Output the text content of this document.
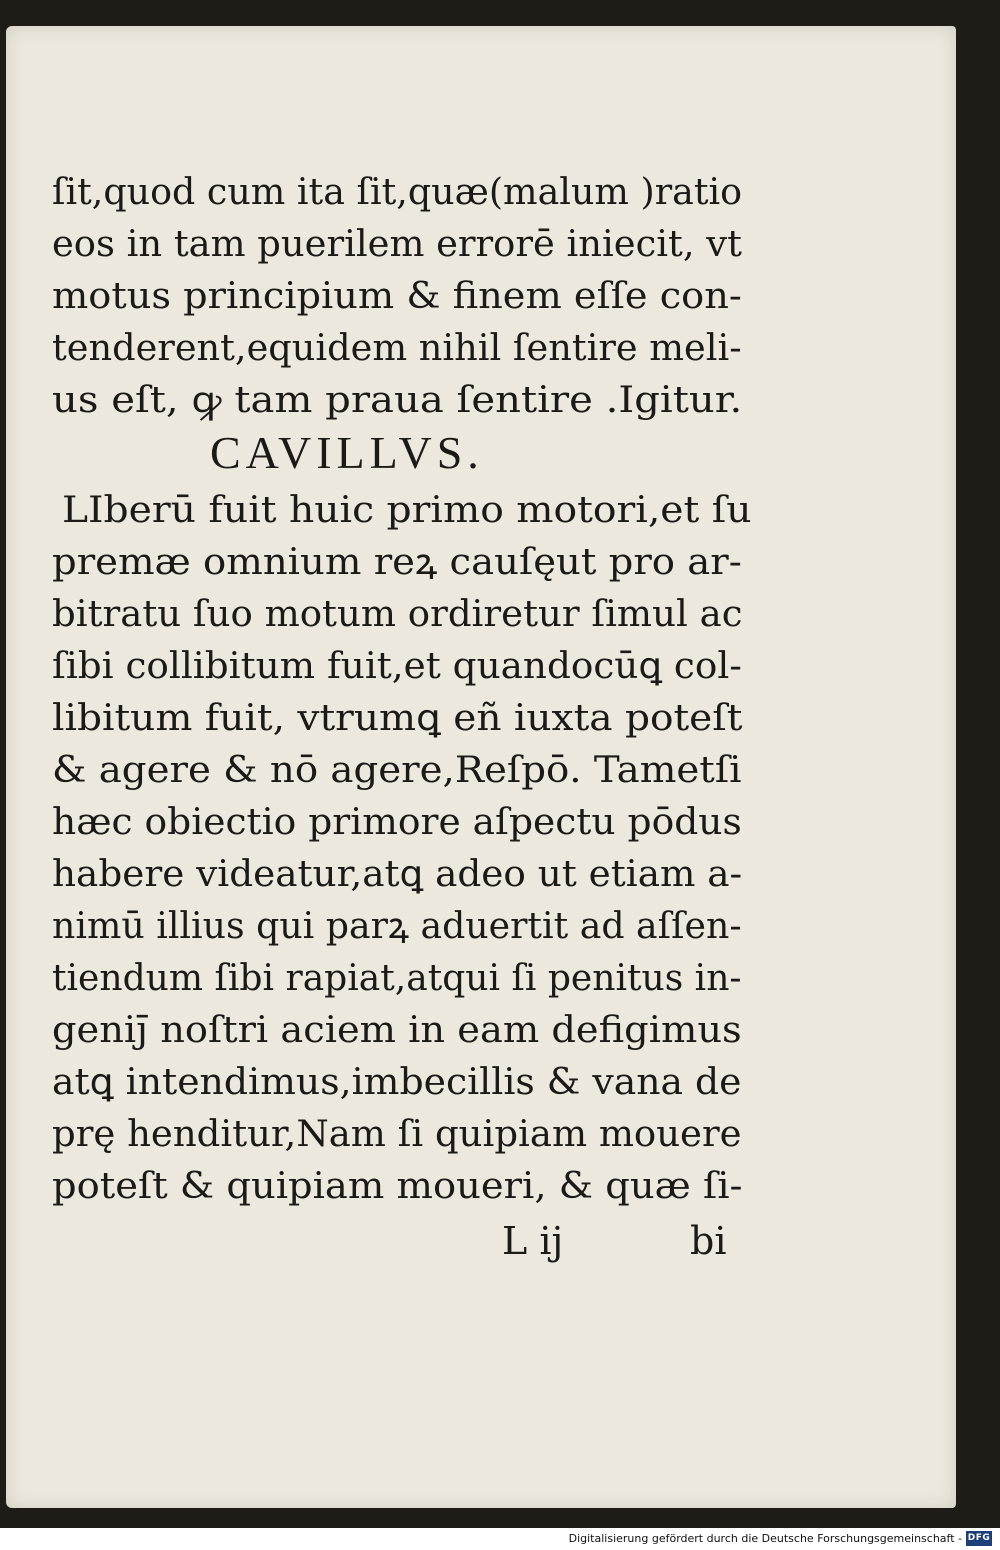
ſit,quod cum ita ſit,quæ(malum )ratio
eos in tam puerilem errorē iniecit, vt
motus principium & finem eſſe con-
tenderent,equidem nihil ſentire meli-
us eſt, ꝙ tam praua ſentire .Igitur.
CAVILLVS.
LIberū fuit huic primo motori,et ſu
premæ omnium reꝝ cauſęut pro ar-
bitratu ſuo motum ordiretur ſimul ac
ſibi collibitum fuit,et quandocūꝗ col-
libitum fuit, vtrumꝗ eñ iuxta poteſt
& agere & nō agere,Reſpō. Tametſi
hæc obiectio primore aſpectu pōdus
habere videatur,atꝗ adeo ut etiam a-
nimū illius qui parꝝ aduertit ad aſſen-
tiendum ſibi rapiat,atqui ſi penitus in-
geniȷ̄ noſtri aciem in eam defigimus
atꝗ intendimus,imbecillis & vana de
prę henditur,Nam ſi quipiam mouere
poteſt & quipiam moueri, & quæ ſi-
L ij	bi
Digitalisierung gefördert durch die Deutsche Forschungsgemeinschaft - DFG
